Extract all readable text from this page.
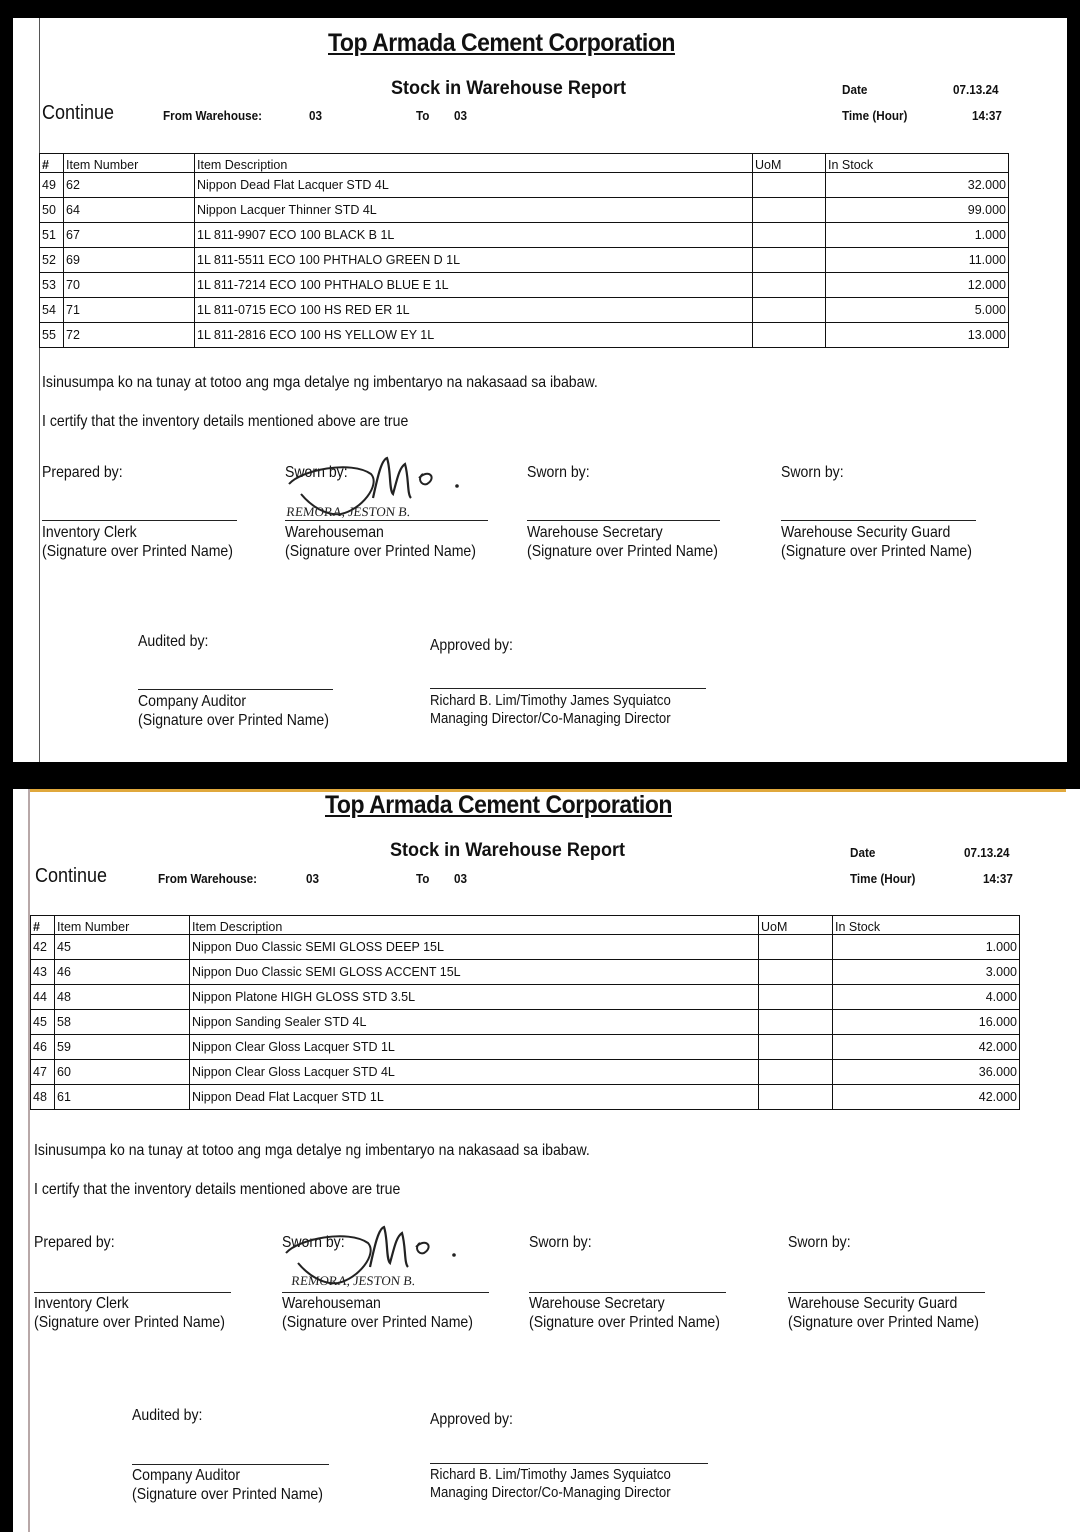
Top Armada Cement Corporation
Stock in Warehouse Report	Date	07.13.24
Continue	From Warehouse:	03	To 03	Time (Hour)	14:37
#	Item Number	Item Description	UoM	In Stock
49	62	Nippon Dead Flat Lacquer STD 4L		32.000
50	64	Nippon Lacquer Thinner STD 4L		99.000
51	67	1L 811-9907 ECO 100 BLACK B 1L		1.000
52	69	1L 811-5511 ECO 100 PHTHALO GREEN D 1L		11.000
53	70	1L 811-7214 ECO 100 PHTHALO BLUE E 1L		12.000
54	71	1L 811-0715 ECO 100 HS RED ER 1L		5.000
55	72	1L 811-2816 ECO 100 HS YELLOW EY 1L		13.000
Isinusumpa ko na tunay at totoo ang mga detalye ng imbentaryo na nakasaad sa ibabaw.
I certify that the inventory details mentioned above are true
Prepared by:
Inventory Clerk
(Signature over Printed Name)
Sworn by:
REMORA, JESTON B.
Warehouseman
(Signature over Printed Name)
Sworn by:
Warehouse Secretary
(Signature over Printed Name)
Sworn by:
Warehouse Security Guard
(Signature over Printed Name)
Audited by:
Company Auditor
(Signature over Printed Name)
Approved by:
Richard B. Lim/Timothy James Syquiatco
Managing Director/Co-Managing Director
Top Armada Cement Corporation
Stock in Warehouse Report	Date	07.13.24
Continue	From Warehouse:	03	To 03	Time (Hour)	14:37
#	Item Number	Item Description	UoM	In Stock
42	45	Nippon Duo Classic SEMI GLOSS DEEP 15L		1.000
43	46	Nippon Duo Classic SEMI GLOSS ACCENT 15L		3.000
44	48	Nippon Platone HIGH GLOSS STD 3.5L		4.000
45	58	Nippon Sanding Sealer STD 4L		16.000
46	59	Nippon Clear Gloss Lacquer STD 1L		42.000
47	60	Nippon Clear Gloss Lacquer STD 4L		36.000
48	61	Nippon Dead Flat Lacquer STD 1L		42.000
Isinusumpa ko na tunay at totoo ang mga detalye ng imbentaryo na nakasaad sa ibabaw.
I certify that the inventory details mentioned above are true
Prepared by:
Inventory Clerk
(Signature over Printed Name)
Sworn by:
REMORA, JESTON B.
Warehouseman
(Signature over Printed Name)
Sworn by:
Warehouse Secretary
(Signature over Printed Name)
Sworn by:
Warehouse Security Guard
(Signature over Printed Name)
Audited by:
Company Auditor
(Signature over Printed Name)
Approved by:
Richard B. Lim/Timothy James Syquiatco
Managing Director/Co-Managing Director
